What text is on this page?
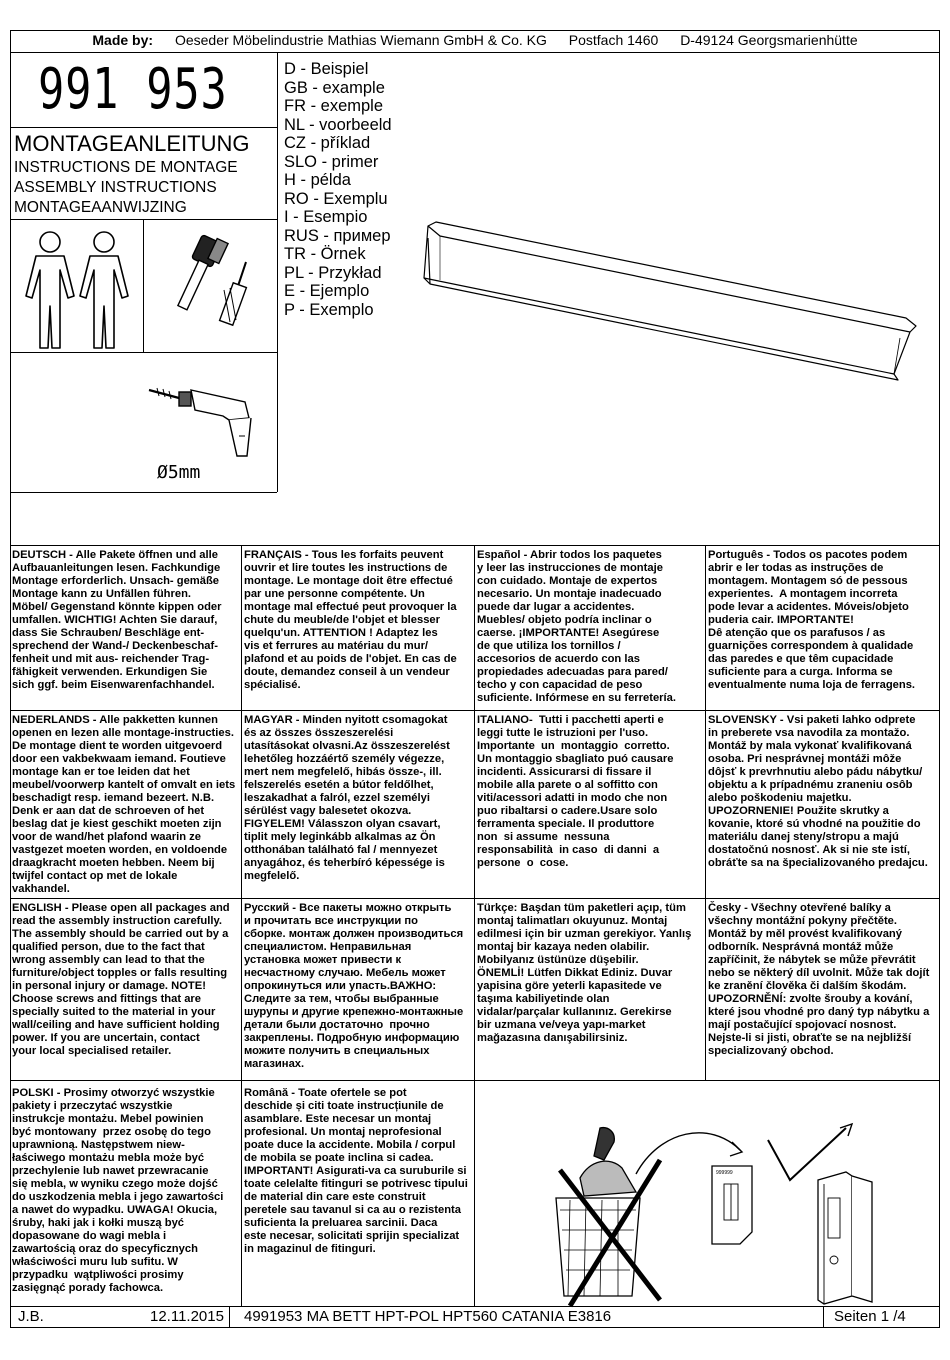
Made by: Oeseder Möbelindustrie Mathias Wiemann GmbH & Co. KG Postfach 1460 D-49124 Georgsmarienhütte
991 953
MONTAGEANLEITUNG
INSTRUCTIONS DE MONTAGE
ASSEMBLY INSTRUCTIONS
MONTAGEAANWIJZING
D - Beispiel
GB - example
FR - exemple
NL - voorbeeld
CZ - příklad
SLO - primer
H - példa
RO - Exemplu
I - Esempio
RUS - пример
TR - Örnek
PL - Przykład
E - Ejemplo
P - Exemplo
Ø5mm
DEUTSCH - Alle Pakete öffnen und alle
Aufbauanleitungen lesen. Fachkundige
Montage erforderlich. Unsach- gemäße
Montage kann zu Unfällen führen.
Möbel/ Gegenstand könnte kippen oder
umfallen. WICHTIG! Achten Sie darauf,
dass Sie Schrauben/ Beschläge ent-
sprechend der Wand-/ Deckenbeschaf-
fenheit und mit aus- reichender Trag-
fähigkeit verwenden. Erkundigen Sie
sich ggf. beim Eisenwarenfachhandel.
FRANÇAIS - Tous les forfaits peuvent
ouvrir et lire toutes les instructions de
montage. Le montage doit être effectué
par une personne compétente. Un
montage mal effectué peut provoquer la
chute du meuble/de l'objet et blesser
quelqu'un. ATTENTION ! Adaptez les
vis et ferrures au matériau du mur/
plafond et au poids de l'objet. En cas de
doute, demandez conseil à un vendeur
spécialisé.
Español - Abrir todos los paquetes
y leer las instrucciones de montaje
con cuidado. Montaje de expertos
necesario. Un montaje inadecuado
puede dar lugar a accidentes.
Muebles/ objeto podría inclinar o
caerse. ¡IMPORTANTE! Asegúrese
de que utiliza los tornillos /
accesorios de acuerdo con las
propiedades adecuadas para pared/
techo y con capacidad de peso
suficiente. Infórmese en su ferretería.
Português - Todos os pacotes podem
abrir e ler todas as instruções de
montagem. Montagem só de pessous
experientes.  A montagem incorreta
pode levar a acidentes. Móveis/objeto
puderia cair. IMPORTANTE!
Dê atenção que os parafusos / as
guarnições correspondem à qualidade
das paredes e que têm cupacidade
suficiente para a curga. Informa se
eventualmente numa loja de ferragens.
NEDERLANDS - Alle pakketten kunnen
openen en lezen alle montage-instructies.
De montage dient te worden uitgevoerd
door een vakbekwaam iemand. Foutieve
montage kan er toe leiden dat het
meubel/voorwerp kantelt of omvalt en iets
beschadigt resp. iemand bezeert. N.B.
Denk er aan dat de schroeven of het
beslag dat je kiest geschikt moeten zijn
voor de wand/het plafond waarin ze
vastgezet moeten worden, en voldoende
draagkracht moeten hebben. Neem bij
twijfel contact op met de lokale
vakhandel.
MAGYAR - Minden nyitott csomagokat
és az összes összeszerelési
utasításokat olvasni.Az összeszerelést
lehetőleg hozzáértő személy végezze,
mert nem megfelelő, hibás össze-, ill.
felszerelés esetén a bútor feldőlhet,
leszakadhat a falról, ezzel személyi
sérülést vagy balesetet okozva.
FIGYELEM! Válasszon olyan csavart,
tiplit mely leginkább alkalmas az Ön
otthonában található fal / mennyezet
anyagához, és teherbíró képessége is
megfelelő.
ITALIANO-  Tutti i pacchetti aperti e
leggi tutte le istruzioni per l'uso.
Importante  un  montaggio  corretto.
Un montaggio sbagliato puó causare
incidenti. Assicurarsi di fissare il
mobile alla parete o al soffitto con
viti/acessori adatti in modo che non
puo ribaltarsi o cadere.Usare solo
ferramenta speciale. Il produttore
non  si assume  nessuna
responsabilità  in caso  di danni  a
persone  o  cose.
SLOVENSKY - Vsi paketi lahko odprete
in preberete vsa navodila za montažo.
Montáž by mala vykonať kvalifikovaná
osoba. Pri nesprávnej montáži môže
dôjsť k prevrhnutiu alebo pádu nábytku/
objektu a k prípadnému zraneniu osôb
alebo poškodeniu majetku.
UPOZORNENIE! Použite skrutky a
kovanie, ktoré sú vhodné na použitie do
materiálu danej steny/stropu a majú
dostatočnú nosnosť. Ak si nie ste istí,
obráťte sa na špecializovaného predajcu.
ENGLISH - Please open all packages and
read the assembly instruction carefully.
The assembly should be carried out by a
qualified person, due to the fact that
wrong assembly can lead to that the
furniture/object topples or falls resulting
in personal injury or damage. NOTE!
Choose screws and fittings that are
specially suited to the material in your
wall/ceiling and have sufficient holding
power. If you are uncertain, contact
your local specialised retailer.
Русский - Все пакеты можно открыть
и прочитать все инструкции по
сборке. монтаж должен производиться
специалистом. Неправильная
установка может привести к
несчастному случаю. Мебель может
опрокинуться или упасть.ВАЖНО:
Следите за тем, чтобы выбранные
шурупы и другие крепежно-монтажные
детали были достаточно  прочно
закреплены. Подробную информацию
можите получить в специальных
магазинах.
Türkçe: Başdan tüm paketleri açıp, tüm
montaj talimatları okuyunuz. Montaj
edilmesi için bir uzman gerekiyor. Yanlış
montaj bir kazaya neden olabilir.
Mobilyanız üstünüze düşebilir.
ÖNEMLİ! Lütfen Dikkat Ediniz. Duvar
yapisina göre yeterli kapasitede ve
taşıma kabiliyetinde olan
vidalar/parçalar kullanınız. Gerekirse
bir uzmana ve/veya yapı-market
mağazasına danışabilirsiniz.
Česky - Všechny otevřené balíky a
všechny montážní pokyny přečtěte.
Montáž by měl provést kvalifikovaný
odborník. Nesprávná montáž může
zapříčinit, že nábytek se může převrátit
nebo se některý díl uvolnit. Může tak dojít
ke zranění člověka či dalším škodám.
UPOZORNĚNÍ: zvolte šrouby a kování,
které jsou vhodné pro daný typ nábytku a
mají postačující spojovací nosnost.
Nejste-li si jisti, obraťte se na nejbližší
specializovaný obchod.
POLSKI - Prosimy otworzyć wszystkie
pakiety i przeczytać wszystkie
instrukcje montażu. Mebel powinien
być montowany  przez osobę do tego
uprawnioną. Następstwem niew-
łaściwego montażu mebla może być
przechylenie lub nawet przewracanie
się mebla, w wyniku czego może dojść
do uszkodzenia mebla i jego zawartości
a nawet do wypadku. UWAGA! Okucia,
śruby, haki jak i kołki muszą być
dopasowane do wagi mebla i
zawartością oraz do specyficznych
właściwości muru lub sufitu. W
przypadku  wątpliwości prosimy
zasięgnąć porady fachowca.
Română - Toate ofertele se pot
deschide și citi toate instrucțiunile de
asamblare. Este necesar un montaj
profesional. Un montaj neprofesional
poate duce la accidente. Mobila / corpul
de mobila se poate inclina si cadea.
IMPORTANT! Asigurati-va ca suruburile si
toate celelalte fitinguri se potrivesc tipului
de material din care este construit
peretele sau tavanul si ca au o rezistenta
suficienta la preluarea sarcinii. Daca
este necesar, solicitati sprijin specializat
in magazinul de fitinguri.
999999
J.B.	12.11.2015 4991953 MA BETT HPT-POL HPT560 CATANIA E3816	Seiten 1 /4
